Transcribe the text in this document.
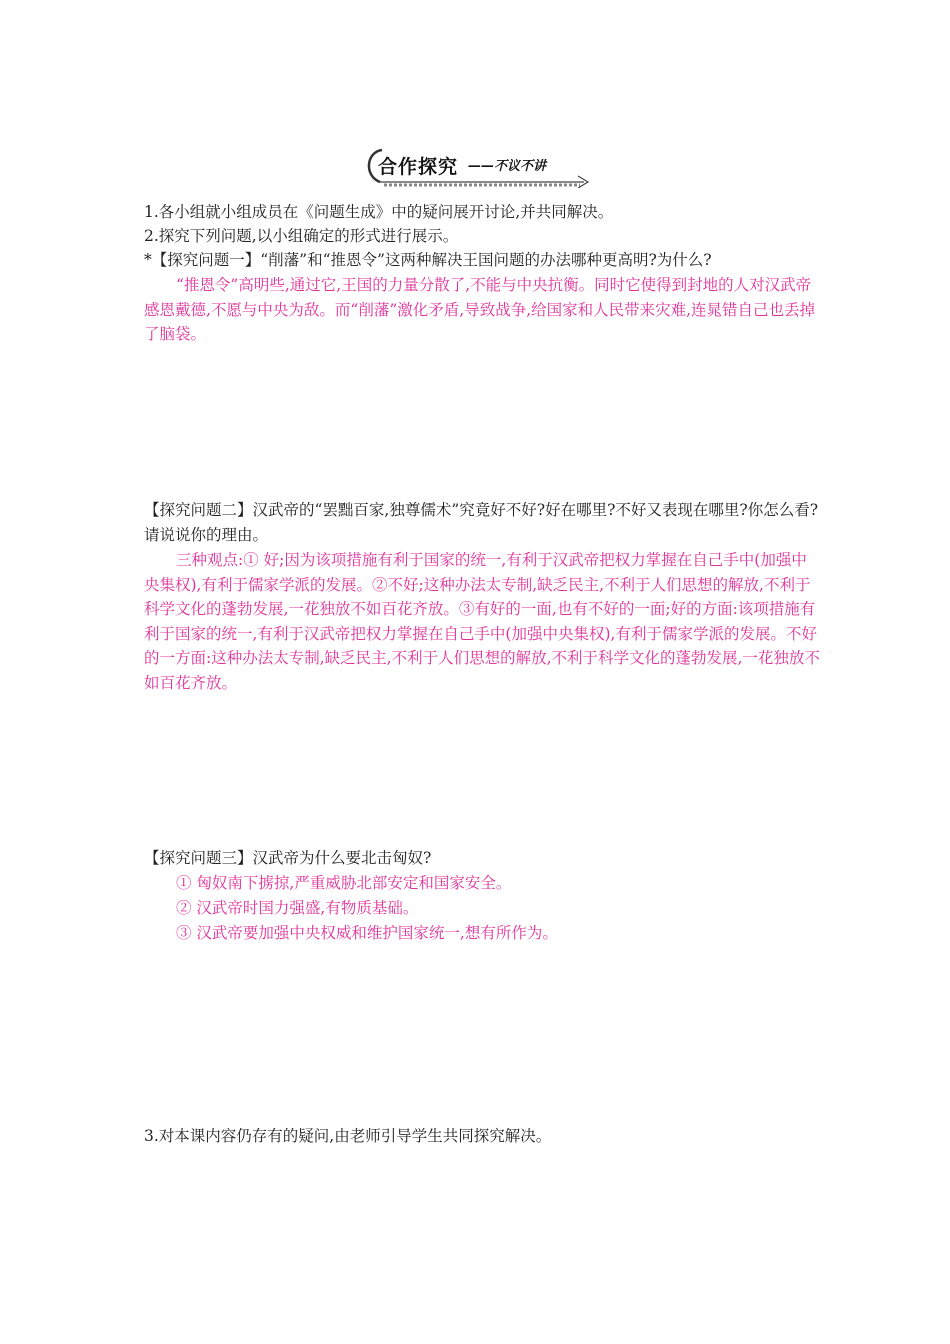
合作探究 ——不议不讲
1.各小组就小组成员在《问题生成》中的疑问展开讨论,并共同解决。
2.探究下列问题,以小组确定的形式进行展示。
*【探究问题一】“削藩”和“推恩令”这两种解决王国问题的办法哪种更高明?为什么?
“推恩令”高明些,通过它,王国的力量分散了,不能与中央抗衡。同时它使得到封地的人对汉武帝感恩戴德,不愿与中央为敌。而“削藩”激化矛盾,导致战争,给国家和人民带来灾难,连晁错自己也丢掉了脑袋。
【探究问题二】汉武帝的“罢黜百家,独尊儒术”究竟好不好?好在哪里?不好又表现在哪里?你怎么看?请说说你的理由。
三种观点:① 好;因为该项措施有利于国家的统一,有利于汉武帝把权力掌握在自己手中(加强中央集权),有利于儒家学派的发展。②不好;这种办法太专制,缺乏民主,不利于人们思想的解放,不利于科学文化的蓬勃发展,一花独放不如百花齐放。③有好的一面,也有不好的一面;好的方面:该项措施有利于国家的统一,有利于汉武帝把权力掌握在自己手中(加强中央集权),有利于儒家学派的发展。不好的一方面:这种办法太专制,缺乏民主,不利于人们思想的解放,不利于科学文化的蓬勃发展,一花独放不如百花齐放。
【探究问题三】汉武帝为什么要北击匈奴?
① 匈奴南下掳掠,严重威胁北部安定和国家安全。
② 汉武帝时国力强盛,有物质基础。
③ 汉武帝要加强中央权威和维护国家统一,想有所作为。
3.对本课内容仍存有的疑问,由老师引导学生共同探究解决。
